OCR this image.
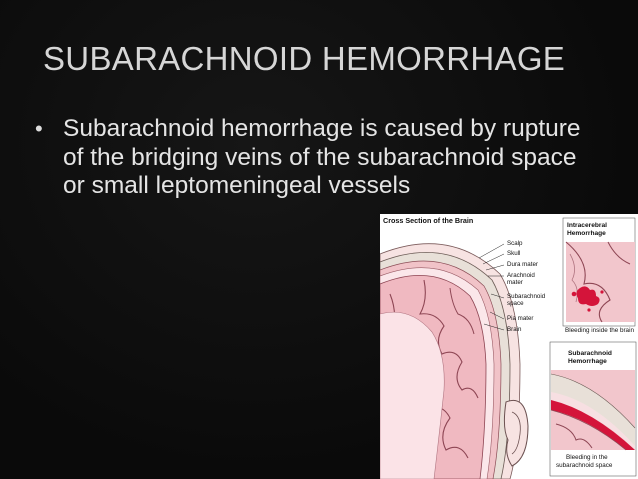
SUBARACHNOID HEMORRHAGE
• Subarachnoid hemorrhage is caused by rupture of the bridging veins of the subarachnoid space or small leptomeningeal vessels
Cross Section of the Brain
Scalp
Skull
Dura mater
Arachnoid
mater
Subarachnoid
space
Pia mater
Brain
Intracerebral
Hemorrhage
Bleeding inside the brain
Subarachnoid
Hemorrhage
Bleeding in the
subarachnoid space
